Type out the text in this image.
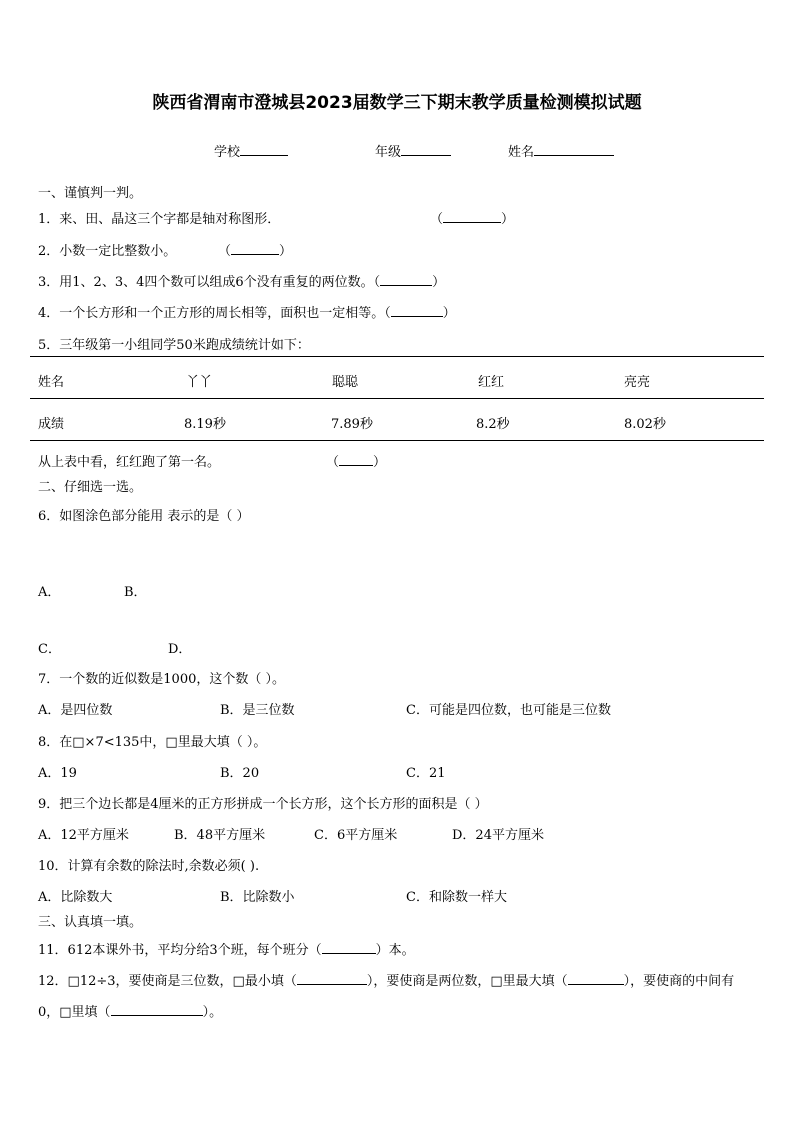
陕西省渭南市澄城县2023届数学三下期末教学质量检测模拟试题
学校	年级	姓名
一、谨慎判一判。
1．来、田、晶这三个字都是轴对称图形．	（	）
2．小数一定比整数小。	（	）
3．用1、2、3、4四个数可以组成6个没有重复的两位数。（	）
4．一个长方形和一个正方形的周长相等，面积也一定相等。（	）
5．三年级第一小组同学50米跑成绩统计如下：
姓名	丫丫	聪聪	红红	亮亮
成绩	8.19秒	7.89秒	8.2秒	8.02秒
从上表中看，红红跑了第一名。	（	）
二、仔细选一选。
6．如图涂色部分能用 表示的是（ ）
A．	B．
C．	D．
7．一个数的近似数是1000，这个数（ ）。
A．是四位数	B．是三位数	C．可能是四位数，也可能是三位数
8．在□×7<135中，□里最大填（ ）。
A．19	B．20	C．21
9．把三个边长都是4厘米的正方形拼成一个长方形，这个长方形的面积是（ ）
A．12平方厘米	B．48平方厘米	C．6平方厘米	D．24平方厘米
10．计算有余数的除法时,余数必须( ).
A．比除数大	B．比除数小	C．和除数一样大
三、认真填一填。
11．612本课外书，平均分给3个班，每个班分（	）本。
12．□12÷3，要使商是三位数，□最小填（	），要使商是两位数，□里最大填（	），要使商的中间有
0，□里填（	）。
